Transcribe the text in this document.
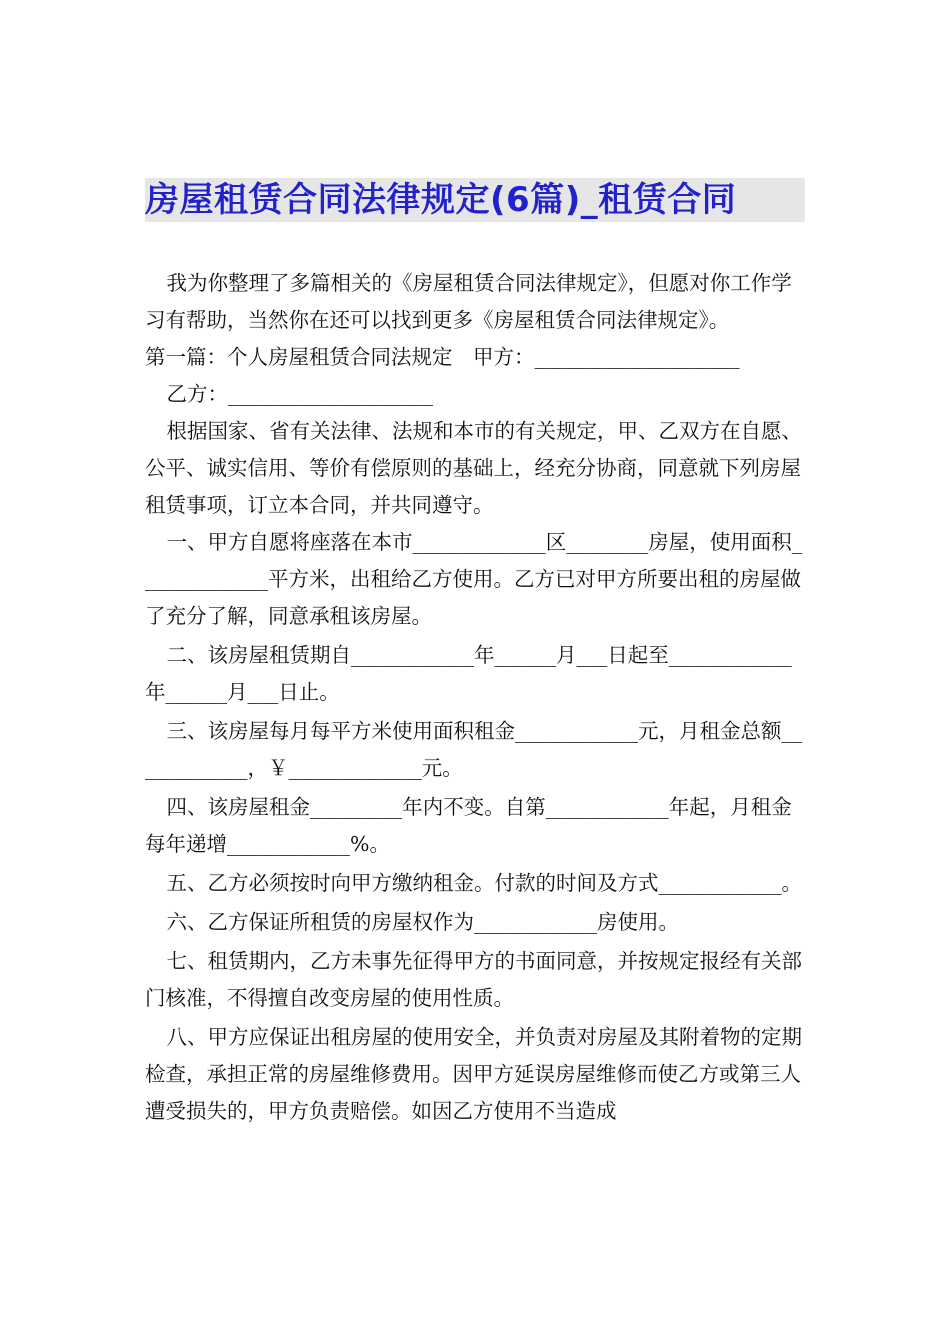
房屋租赁合同法律规定(6篇)_租赁合同

我为你整理了多篇相关的《房屋租赁合同法律规定》，但愿对你工作学习有帮助，当然你在还可以找到更多《房屋租赁合同法律规定》。

第一篇：个人房屋租赁合同法规定　甲方：____________________

乙方：____________________

根据国家、省有关法律、法规和本市的有关规定，甲、乙双方在自愿、公平、诚实信用、等价有偿原则的基础上，经充分协商，同意就下列房屋租赁事项，订立本合同，并共同遵守。

一、甲方自愿将座落在本市_____________区________房屋，使用面积_____________平方米，出租给乙方使用。乙方已对甲方所要出租的房屋做了充分了解，同意承租该房屋。

二、该房屋租赁期自____________年______月___日起至____________年______月___日止。

三、该房屋每月每平方米使用面积租金____________元，月租金总额____________，￥_____________元。

四、该房屋租金_________年内不变。自第____________年起，月租金每年递增____________%。

五、乙方必须按时向甲方缴纳租金。付款的时间及方式____________。

六、乙方保证所租赁的房屋权作为____________房使用。

七、租赁期内，乙方未事先征得甲方的书面同意，并按规定报经有关部门核准，不得擅自改变房屋的使用性质。

八、甲方应保证出租房屋的使用安全，并负责对房屋及其附着物的定期检查，承担正常的房屋维修费用。因甲方延误房屋维修而使乙方或第三人遭受损失的，甲方负责赔偿。如因乙方使用不当造成
